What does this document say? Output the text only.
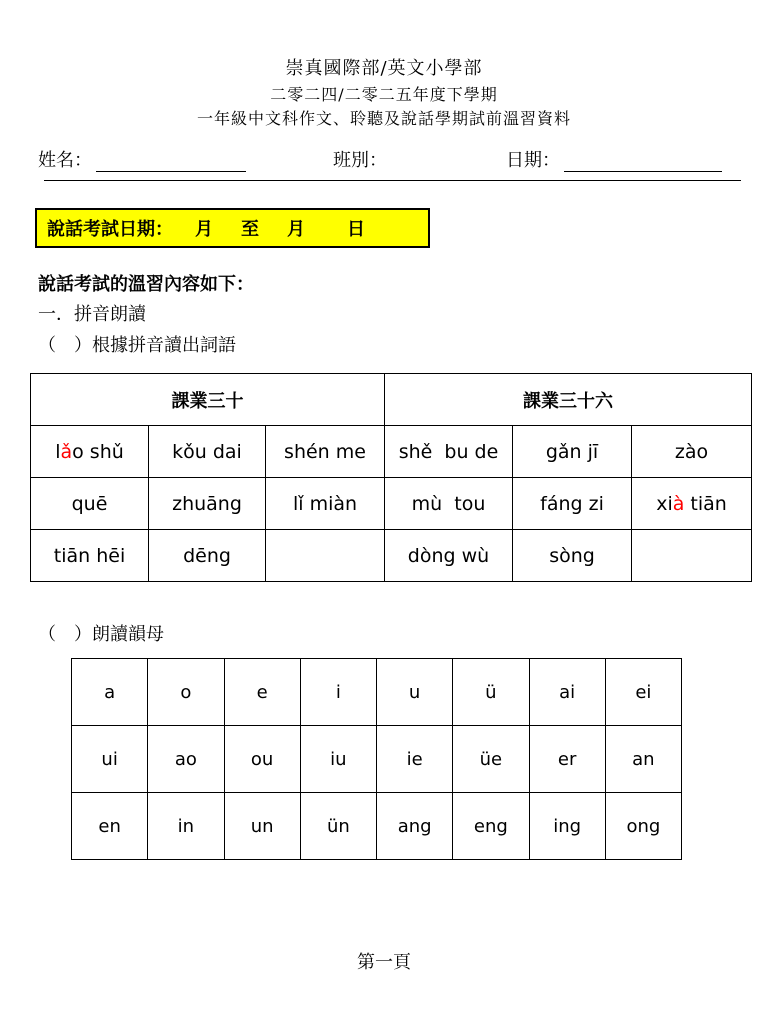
崇真國際部/英文小學部
二零二四/二零二五年度下學期
一年級中文科作文、聆聽及說話學期試前溫習資料
姓名：	班別：	日期：
說話考試日期： 月 至 月 日
說話考試的溫習內容如下：
一．拼音朗讀
（　）根據拼音讀出詞語
課業三十			課業三十六		
lǎo shǔ	kǒu dai	shén me	shě  bu de	gǎn jī	zào
quē	zhuāng	lǐ miàn	mù  tou	fáng zi	xià tiān
tiān hēi	dēng		dòng wù	sòng	
（　）朗讀韻母
a	o	e	i	u	ü	ai	ei
ui	ao	ou	iu	ie	üe	er	an
en	in	un	ün	ang	eng	ing	ong
第一頁
